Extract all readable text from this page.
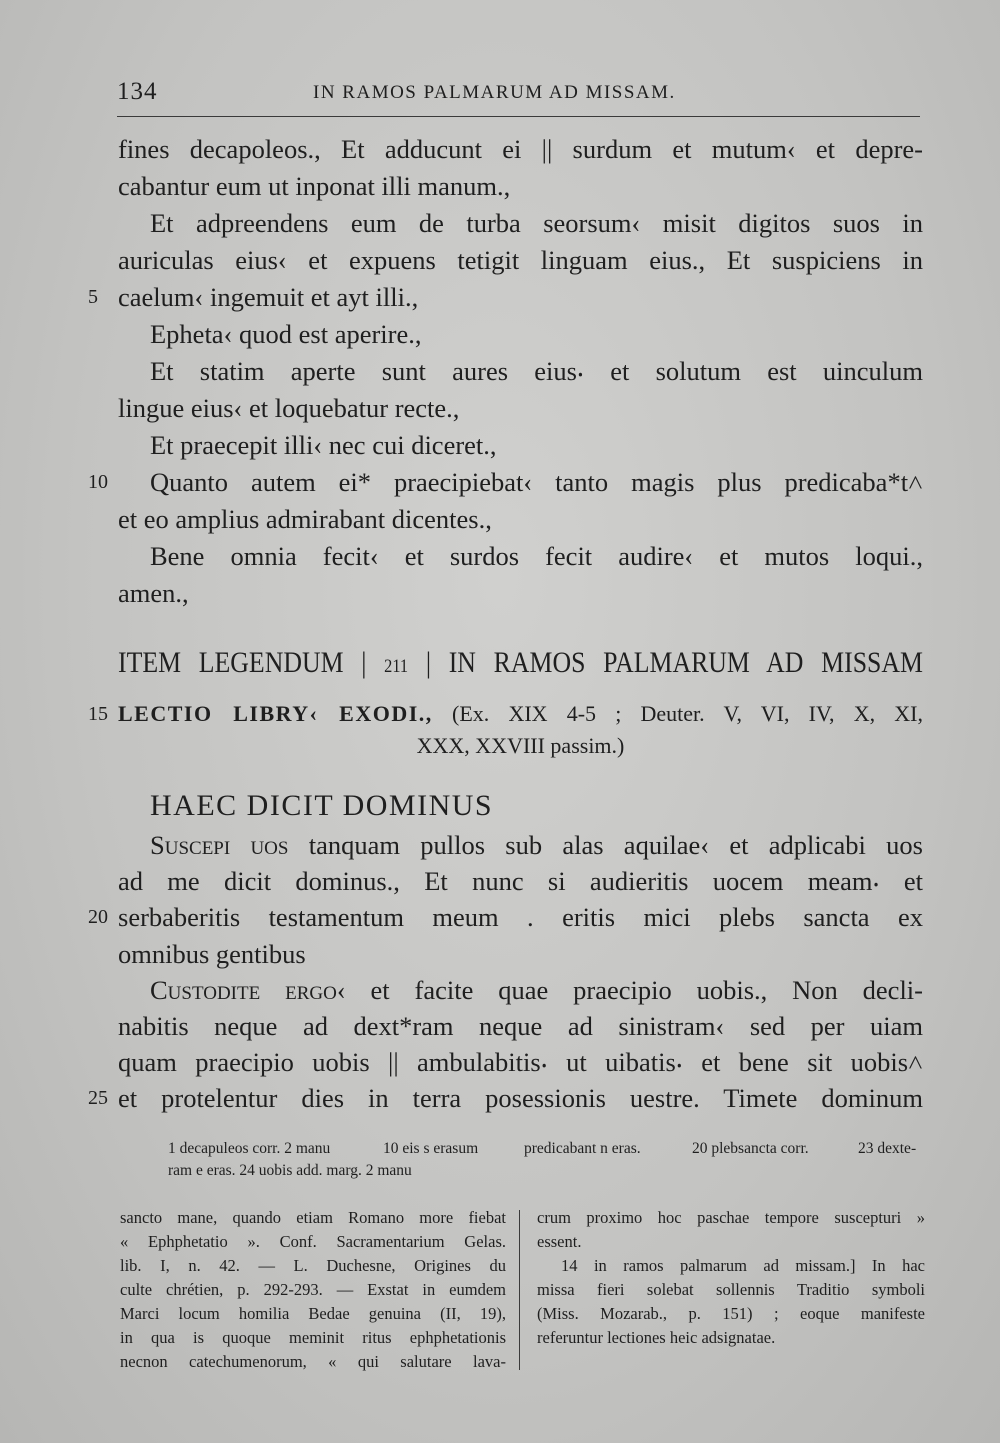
134	IN RAMOS PALMARUM AD MISSAM.
fines decapoleos., Et adducunt ei || surdum et mutum‹ et depre-
cabantur eum ut inponat illi manum.,
Et adpreendens eum de turba seorsum‹ misit digitos suos in
auriculas eius‹ et expuens tetigit linguam eius., Et suspiciens in
5 caelum‹ ingemuit et ayt illi.,
Epheta‹ quod est aperire.,
Et statim aperte sunt aures eius⸳ et solutum est uinculum
lingue eius‹ et loquebatur recte.,
Et praecepit illi‹ nec cui diceret.,
10	Quanto autem ei* praecipiebat‹ tanto magis plus predicaba*t˄
et eo amplius admirabant dicentes.,
Bene omnia fecit‹ et surdos fecit audire‹ et mutos loqui.,
amen.,
ITEM LEGENDUM | 211 | IN RAMOS PALMARUM AD MISSAM
15 LECTIO LIBRY‹ EXODI., (Ex. XIX 4-5 ; Deuter. V, VI, IV, X, XI,
XXX, XXVIII passim.)
HAEC DICIT DOMINUS
Suscepi uos tanquam pullos sub alas aquilae‹ et adplicabi uos
ad me dicit dominus., Et nunc si audieritis uocem meam⸳ et
20 serbaberitis testamentum meum . eritis mici plebs sancta ex
omnibus gentibus
Custodite ergo‹ et facite quae praecipio uobis., Non decli-
nabitis neque ad dext*ram neque ad sinistram‹ sed per uiam
quam praecipio uobis || ambulabitis⸳ ut uibatis⸳ et bene sit uobis˄
25 et protelentur dies in terra posessionis uestre. Timete dominum
1 decapuleos corr. 2 manu	10 eis s erasum	predicabant n eras.	20 plebsancta corr.	23 dexte-
ram e eras. 24 uobis add. marg. 2 manu
sancto mane, quando etiam Romano more fiebat
« Ephphetatio ». Conf. Sacramentarium Gelas.
lib. I, n. 42. — L. Duchesne, Origines du
culte chrétien, p. 292-293. — Exstat in eumdem
Marci locum homilia Bedae genuina (II, 19),
in qua is quoque meminit ritus ephphetationis
necnon catechumenorum, « qui salutare lava-
crum proximo hoc paschae tempore suscepturi »
essent.
14 in ramos palmarum ad missam.] In hac
missa fieri solebat sollennis Traditio symboli
(Miss. Mozarab., p. 151) ; eoque manifeste
referuntur lectiones heic adsignatae.
